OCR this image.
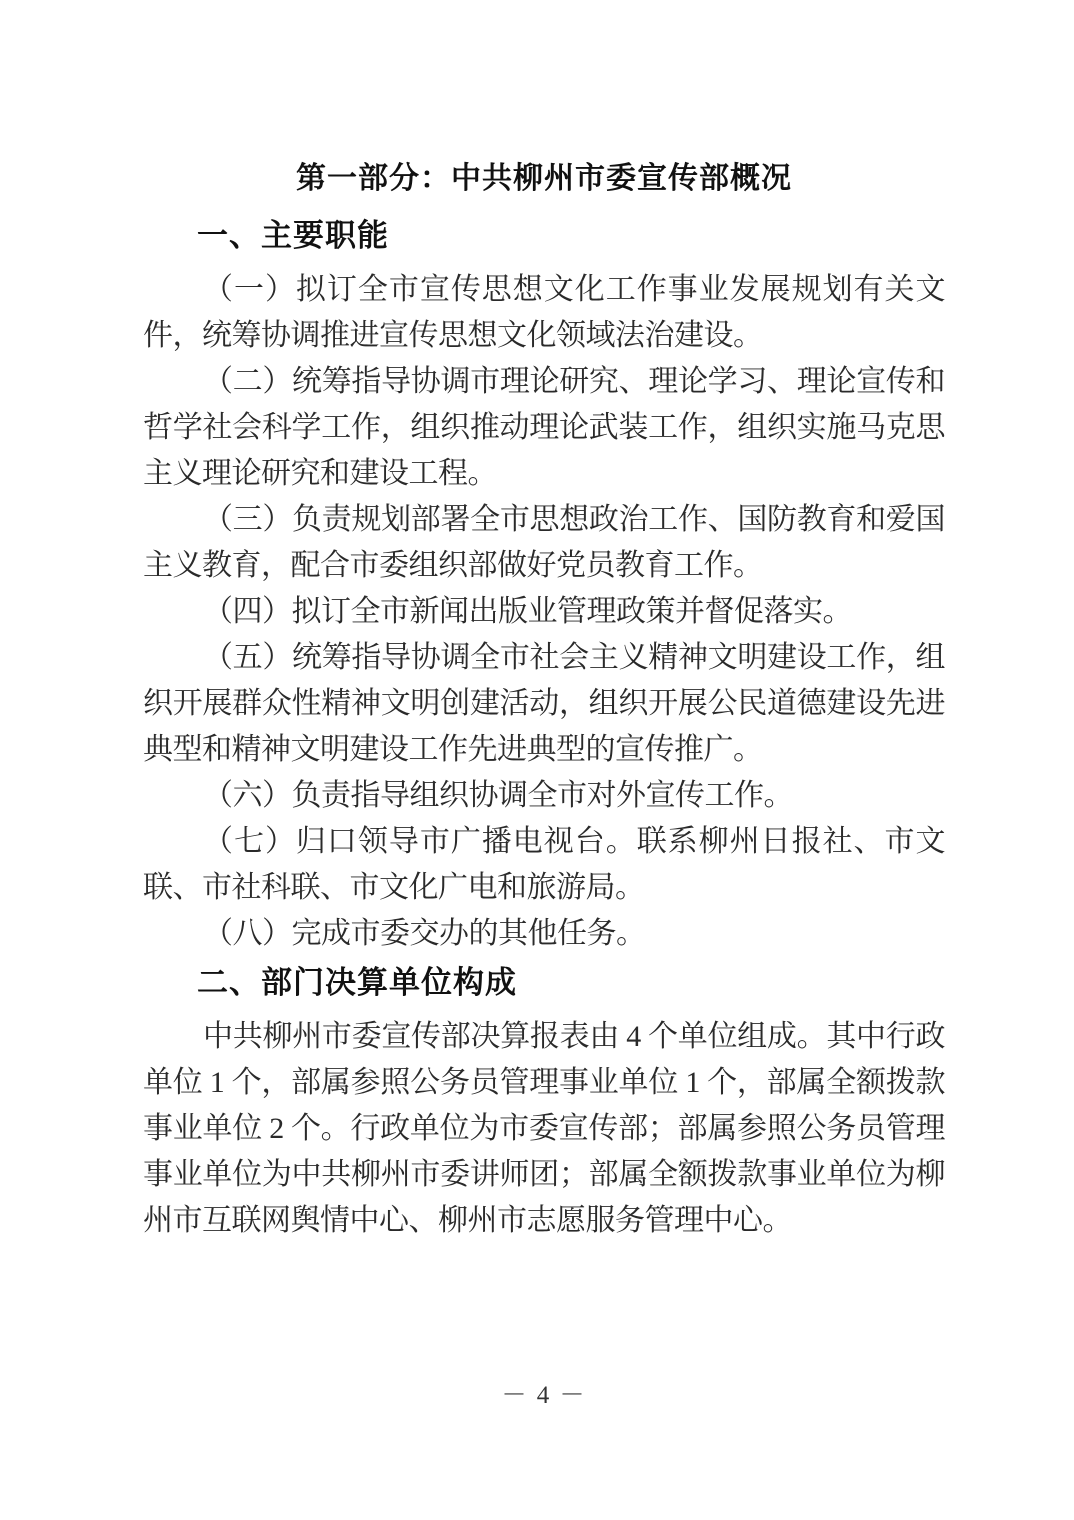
第一部分：中共柳州市委宣传部概况
一、主要职能

（一）拟订全市宣传思想文化工作事业发展规划有关文件，统筹协调推进宣传思想文化领域法治建设。

（二）统筹指导协调市理论研究、理论学习、理论宣传和哲学社会科学工作，组织推动理论武装工作，组织实施马克思主义理论研究和建设工程。

（三）负责规划部署全市思想政治工作、国防教育和爱国主义教育，配合市委组织部做好党员教育工作。

（四）拟订全市新闻出版业管理政策并督促落实。

（五）统筹指导协调全市社会主义精神文明建设工作，组织开展群众性精神文明创建活动，组织开展公民道德建设先进典型和精神文明建设工作先进典型的宣传推广。

（六）负责指导组织协调全市对外宣传工作。

（七）归口领导市广播电视台。联系柳州日报社、市文联、市社科联、市文化广电和旅游局。

（八）完成市委交办的其他任务。

二、部门决算单位构成

中共柳州市委宣传部决算报表由 4 个单位组成。其中行政单位 1 个，部属参照公务员管理事业单位 1 个，部属全额拨款事业单位 2 个。行政单位为市委宣传部；部属参照公务员管理事业单位为中共柳州市委讲师团；部属全额拨款事业单位为柳州市互联网舆情中心、柳州市志愿服务管理中心。

－ 4 －
